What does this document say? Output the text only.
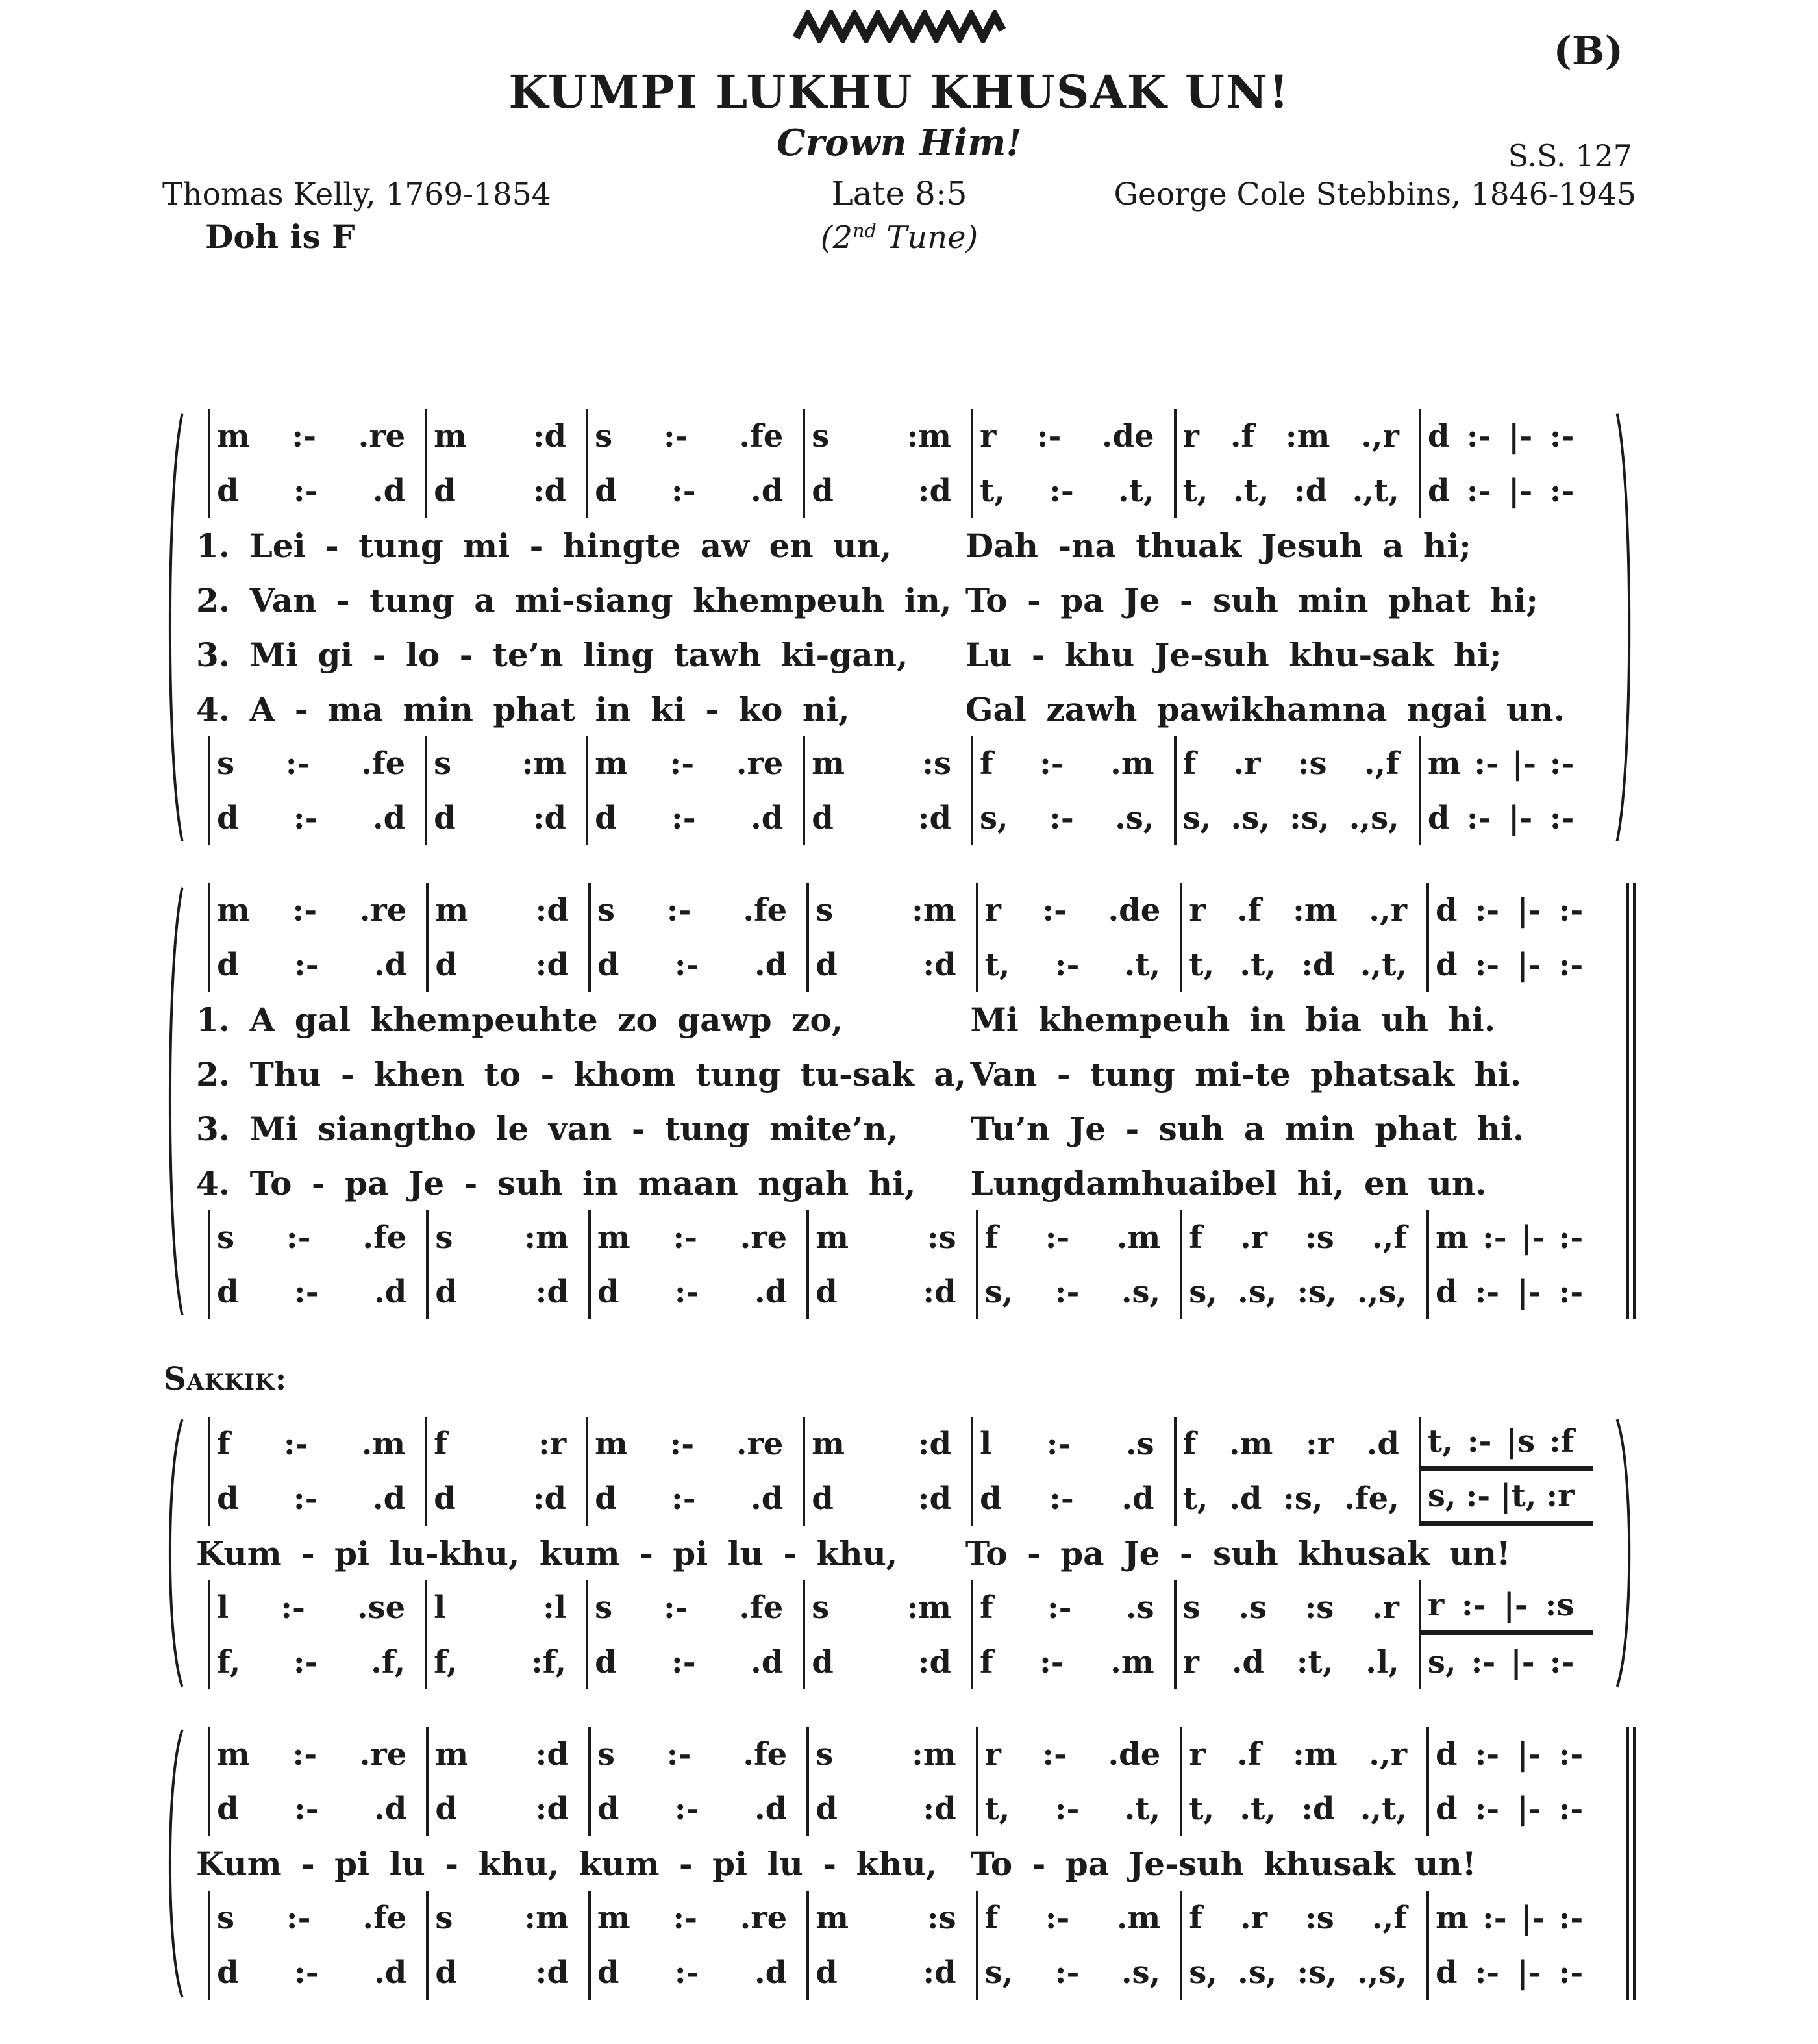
(B)
KUMPI LUKHU KHUSAK UN!
Crown Him!	S.S. 127
Thomas Kelly, 1769-1854	Late 8:5	George Cole Stebbins, 1846-1945
Doh is F	(2nd Tune)
m :- .re m :d s :- .fe s :m r :- .de r .f :m .,r d :- |- :-
d :- .d d :d d :- .d d	:d t, :- .t, t, .t, :d .,t, d :- |- :-
1. Lei - tung mi - hingte aw en un,	Dah -na thuak Jesuh a hi;
2. Van - tung a mi-siang khempeuh in, To - pa Je - suh min phat hi;
3. Mi gi - lo - te’n ling tawh ki-gan,	Lu - khu Je-suh khu-sak hi;
4. A - ma min phat in ki - ko ni,	Gal zawh pawikhamna ngai un.
s :- .fe s :m m :- .re m :s f :- .m f .r :s .,f m :- |- :-
d :- .d d :d d :- .d d	:d s, :- .s, s, .s, :s, .,s, d :- |- :-
m :- .re m :d s :- .fe s	:m r :- .de r .f :m .,r d :- |- :-
d :- .d d	:d d :- .d d	:d t, :- .t, t, .t, :d .,t, d :- |- :-
1. A gal khempeuhte zo gawp zo,	Mi khempeuh in bia uh hi.
2. Thu - khen to - khom tung tu-sak a, Van - tung mi-te phatsak hi.
3. Mi siangtho le van - tung mite’n,	Tu’n Je - suh a min phat hi.
4. To - pa Je - suh in maan ngah hi,	Lungdamhuaibel hi, en un.
s :- .fe s :m m :- .re m	:s f :- .m f .r :s .,f m :- |- :-
d :- .d d	:d d :- .d d	:d s, :- .s, s, .s, :s, .,s, d :- |- :-
Sakkik:
f :- .m f	:r m :- .re m :d l :- .s f .m :r .d t, :- |s :f
d :- .d d :d d :- .d d	:d d :- .d t, .d :s, .fe, s, :- |t, :r
Kum - pi lu-khu, kum - pi lu - khu,	To - pa Je - suh khusak un!
l :- .se l	:l s :- .fe s :m f :- .s s .s :s .r r :- |- :s
f, :- .f, f, :f, d :- .d d	:d f :- .m r .d :t, .l, s, :- |- :-
m :- .re m :d s :- .fe s	:m r :- .de r .f :m .,r d :- |- :-
d :- .d d	:d d :- .d d	:d t, :- .t, t, .t, :d .,t, d :- |- :-
Kum - pi lu - khu, kum - pi lu - khu,	To - pa Je-suh khusak un!
s :- .fe s :m m :- .re m	:s f :- .m f .r :s .,f m :- |- :-
d :- .d d	:d d :- .d d	:d s, :- .s, s, .s, :s, .,s, d :- |- :-
